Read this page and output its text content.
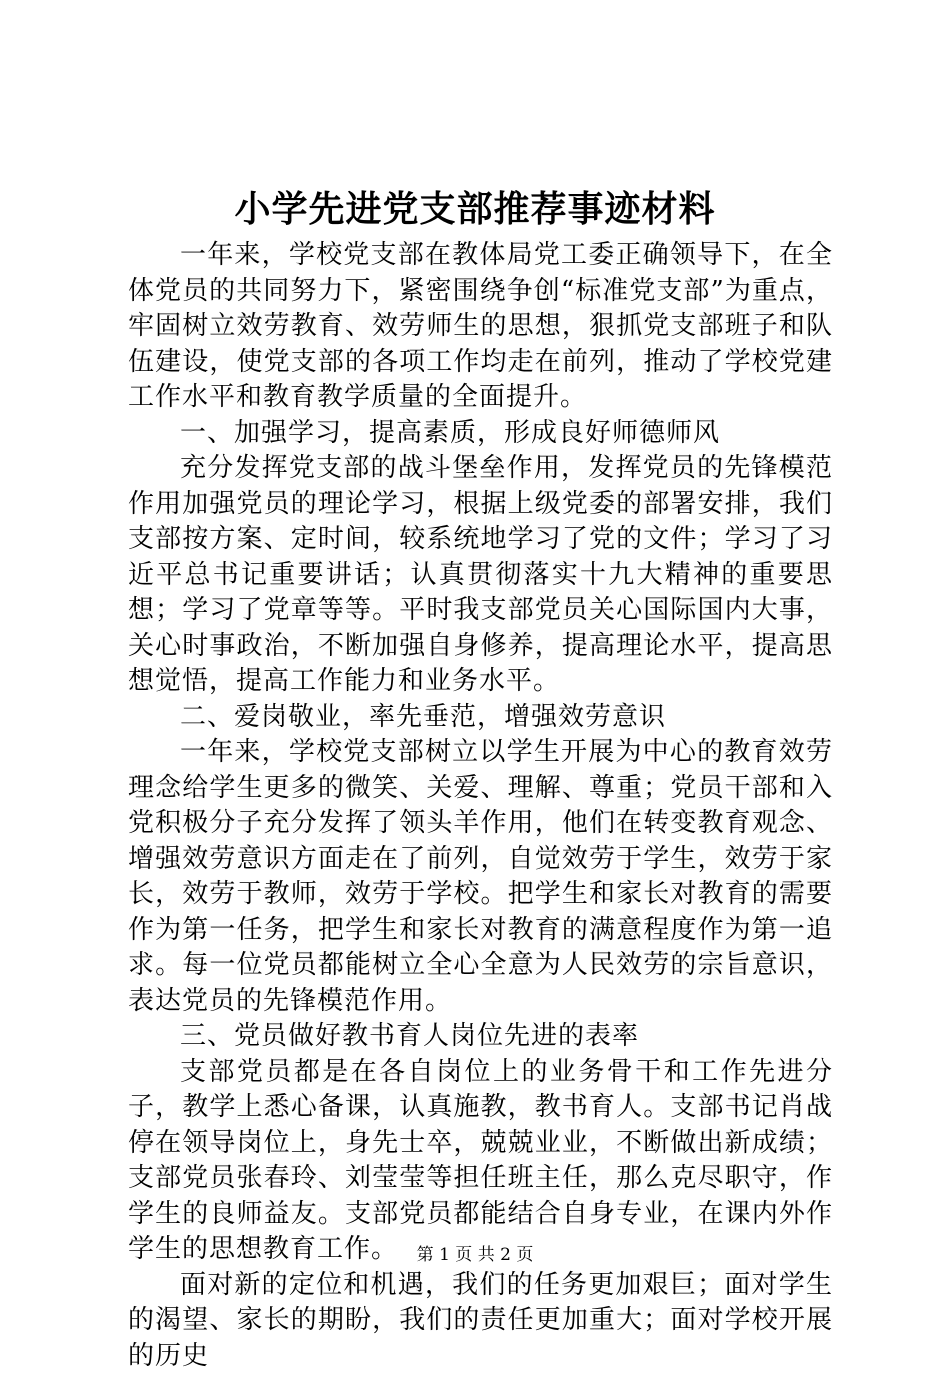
小学先进党支部推荐事迹材料

一年来，学校党支部在教体局党工委正确领导下，在全体党员的共同努力下，紧密围绕争创“标准党支部”为重点，牢固树立效劳教育、效劳师生的思想，狠抓党支部班子和队伍建设，使党支部的各项工作均走在前列，推动了学校党建工作水平和教育教学质量的全面提升。

一、加强学习，提高素质，形成良好师德师风

充分发挥党支部的战斗堡垒作用，发挥党员的先锋模范作用加强党员的理论学习，根据上级党委的部署安排，我们支部按方案、定时间，较系统地学习了党的文件；学习了习近平总书记重要讲话；认真贯彻落实十九大精神的重要思想；学习了党章等等。平时我支部党员关心国际国内大事，关心时事政治，不断加强自身修养，提高理论水平，提高思想觉悟，提高工作能力和业务水平。

二、爱岗敬业，率先垂范，增强效劳意识

一年来，学校党支部树立以学生开展为中心的教育效劳理念给学生更多的微笑、关爱、理解、尊重；党员干部和入党积极分子充分发挥了领头羊作用，他们在转变教育观念、增强效劳意识方面走在了前列，自觉效劳于学生，效劳于家长，效劳于教师，效劳于学校。把学生和家长对教育的需要作为第一任务，把学生和家长对教育的满意程度作为第一追求。每一位党员都能树立全心全意为人民效劳的宗旨意识，表达党员的先锋模范作用。

三、党员做好教书育人岗位先进的表率

支部党员都是在各自岗位上的业务骨干和工作先进分子，教学上悉心备课，认真施教，教书育人。支部书记肖战停在领导岗位上，身先士卒，兢兢业业，不断做出新成绩；支部党员张春玲、刘莹莹等担任班主任，那么克尽职守，作学生的良师益友。支部党员都能结合自身专业，在课内外作学生的思想教育工作。

面对新的定位和机遇，我们的任务更加艰巨；面对学生的渴望、家长的期盼，我们的责任更加重大；面对学校开展的历史

第 1 页 共 2 页
